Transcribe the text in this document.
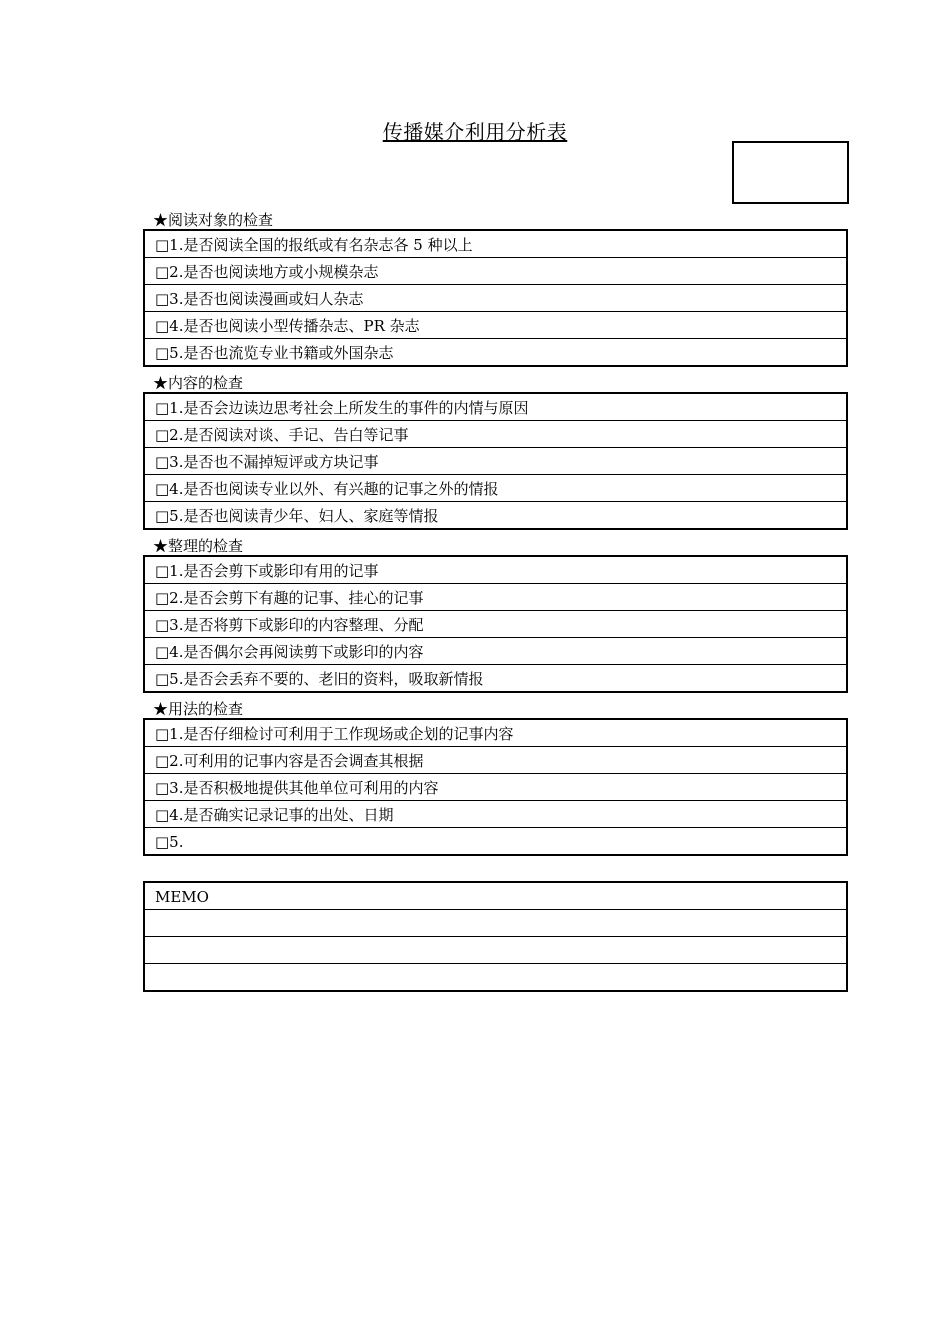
传播媒介利用分析表
★阅读对象的检查
□1.是否阅读全国的报纸或有名杂志各 5 种以上
□2.是否也阅读地方或小规模杂志
□3.是否也阅读漫画或妇人杂志
□4.是否也阅读小型传播杂志、PR 杂志
□5.是否也流览专业书籍或外国杂志
★内容的检查
□1.是否会边读边思考社会上所发生的事件的内情与原因
□2.是否阅读对谈、手记、告白等记事
□3.是否也不漏掉短评或方块记事
□4.是否也阅读专业以外、有兴趣的记事之外的情报
□5.是否也阅读青少年、妇人、家庭等情报
★整理的检查
□1.是否会剪下或影印有用的记事
□2.是否会剪下有趣的记事、挂心的记事
□3.是否将剪下或影印的内容整理、分配
□4.是否偶尔会再阅读剪下或影印的内容
□5.是否会丢弃不要的、老旧的资料，吸取新情报
★用法的检查
□1.是否仔细检讨可利用于工作现场或企划的记事内容
□2.可利用的记事内容是否会调查其根据
□3.是否积极地提供其他单位可利用的内容
□4.是否确实记录记事的出处、日期
□5.
MEMO
